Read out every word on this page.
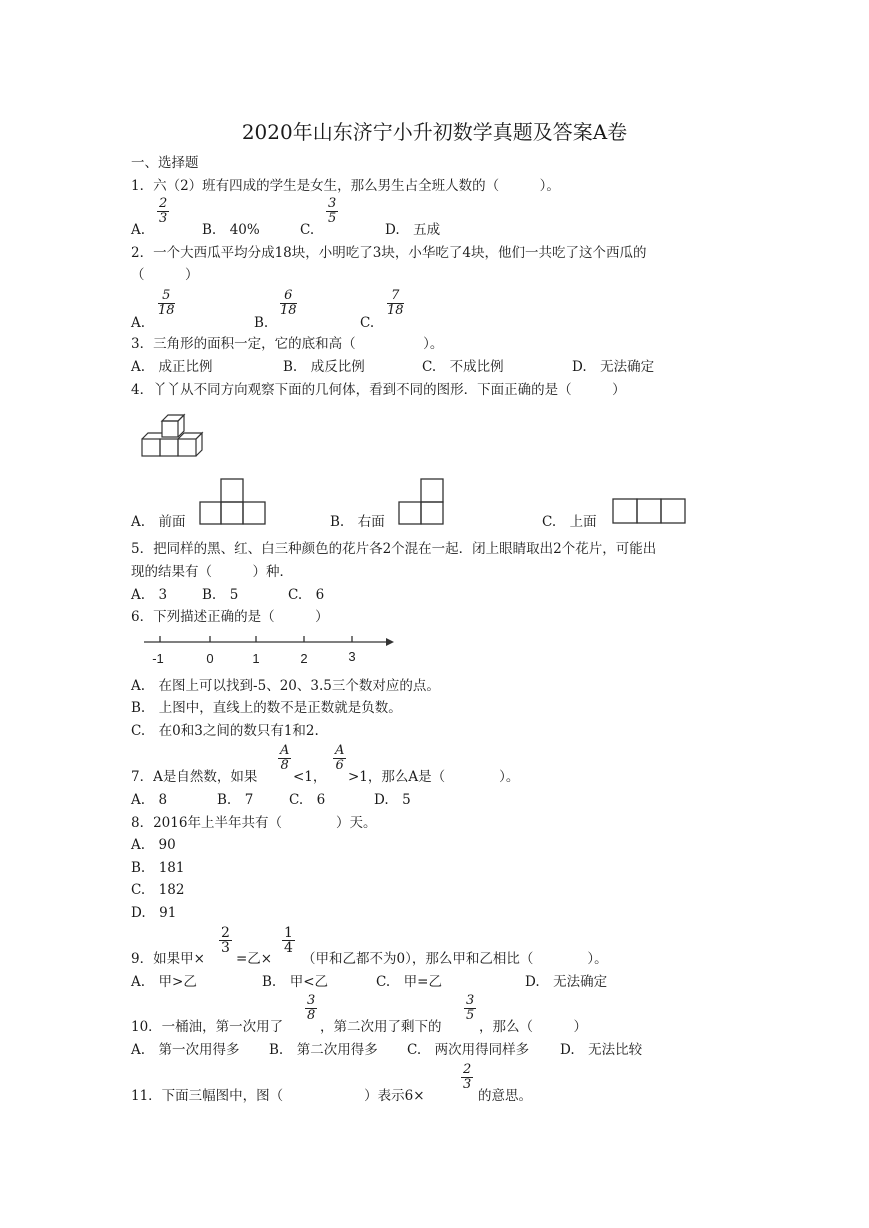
2020年山东济宁小升初数学真题及答案A卷
一、选择题
1．六（2）班有四成的学生是女生，那么男生占全班人数的（　　　）。
A.
2
3
B.　40%	C.
3
5
D.　五成
2．一个大西瓜平均分成18块，小明吃了3块，小华吃了4块，他们一共吃了这个西瓜的
（　　　）
A.
5
18
B.
6
18
C.
7
18
3．三角形的面积一定，它的底和高（　　　　　）。
A.　成正比例	B.　成反比例	C.　不成比例	D.　无法确定
4．丫丫从不同方向观察下面的几何体，看到不同的图形．下面正确的是（　　　）
A.　前面	B.　右面	C.　上面
5．把同样的黑、红、白三种颜色的花片各2个混在一起．闭上眼睛取出2个花片，可能出
现的结果有（　　　）种．
A.　3	B.　5	C.　6
6．下列描述正确的是（　　　）
-1	0	1	2	3
A.　在图上可以找到-5、20、3.5三个数对应的点。
B.　上图中，直线上的数不是正数就是负数。
C.　在0和3之间的数只有1和2.
7．A是自然数，如果
A
8
<1，
A
6
>1，那么A是（　　　　）。
A.　8	B.　7	C.　6	D.　5
8．2016年上半年共有（　　　　）天。
A.　90
B.　181
C.　182
D.　91
9．如果甲×
2
3
=乙×
1
4
（甲和乙都不为0），那么甲和乙相比（　　　　）。
A.　甲>乙	B.　甲<乙	C.　甲=乙	D.　无法确定
10．一桶油，第一次用了
3
8
，第二次用了剩下的
3
5
，那么（　　　）
A.　第一次用得多 B.　第二次用得多 C.　两次用得同样多 D.　无法比较
11．下面三幅图中，图（　　　　　　）表示6×
2
3
的意思。
